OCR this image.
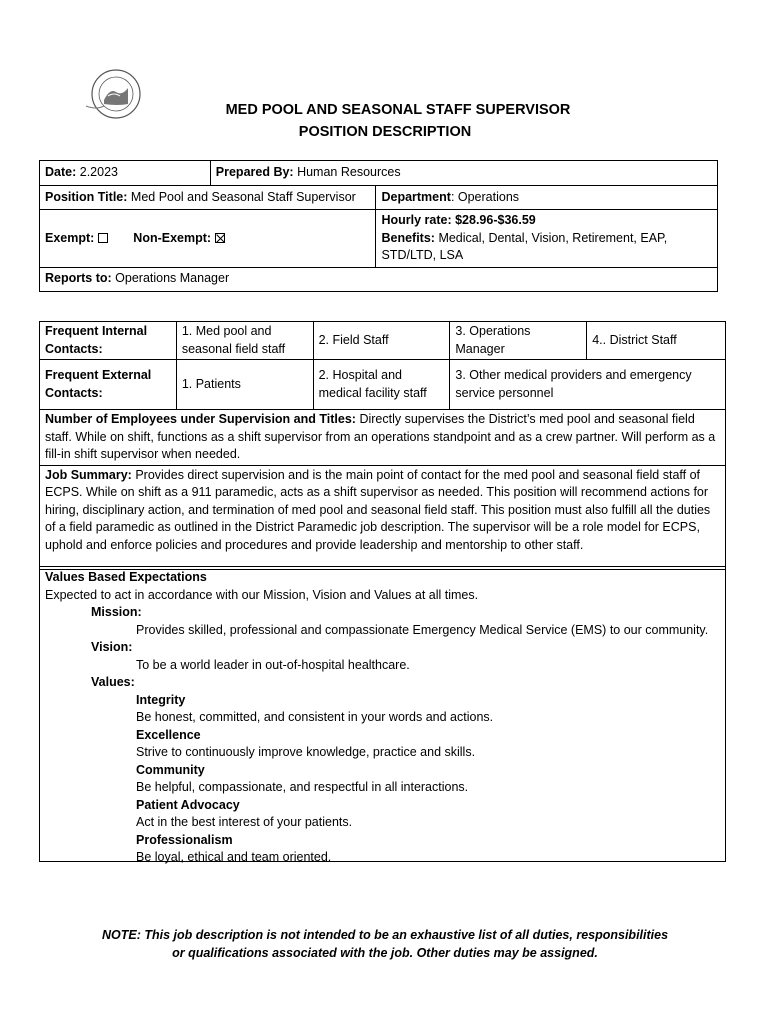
MED POOL AND SEASONAL STAFF SUPERVISOR
POSITION DESCRIPTION
Date: 2.2023	Prepared By: Human Resources	
Position Title: Med Pool and Seasonal Staff Supervisor		Department: Operations
Exempt: Non-Exempt:		Hourly rate: $28.96-$36.59
Benefits: Medical, Dental, Vision, Retirement, EAP, STD/LTD, LSA
Reports to: Operations Manager		
Frequent Internal Contacts:	1. Med pool and seasonal field staff	2. Field Staff	3. Operations Manager	4.. District Staff
Frequent External Contacts:	1. Patients	2. Hospital and medical facility staff	3. Other medical providers and emergency service personnel	
Number of Employees under Supervision and Titles: Directly supervises the District’s med pool and seasonal field staff. While on shift, functions as a shift supervisor from an operations standpoint and as a crew partner. Will perform as a fill-in shift supervisor when needed.				
Job Summary: Provides direct supervision and is the main point of contact for the med pool and seasonal field staff of ECPS. While on shift as a 911 paramedic, acts as a shift supervisor as needed. This position will recommend actions for hiring, disciplinary action, and termination of med pool and seasonal field staff. This position must also fulfill all the duties of a field paramedic as outlined in the District Paramedic job description. The supervisor will be a role model for ECPS, uphold and enforce policies and procedures and provide leadership and mentorship to other staff.				
Values Based Expectations
Expected to act in accordance with our Mission, Vision and Values at all times.
Mission:
Provides skilled, professional and compassionate Emergency Medical Service (EMS) to our community.
Vision:
To be a world leader in out-of-hospital healthcare.
Values:
Integrity
Be honest, committed, and consistent in your words and actions.
Excellence
Strive to continuously improve knowledge, practice and skills.
Community
Be helpful, compassionate, and respectful in all interactions.
Patient Advocacy
Act in the best interest of your patients.
Professionalism
Be loyal, ethical and team oriented.
NOTE: This job description is not intended to be an exhaustive list of all duties, responsibilities
or qualifications associated with the job. Other duties may be assigned.
